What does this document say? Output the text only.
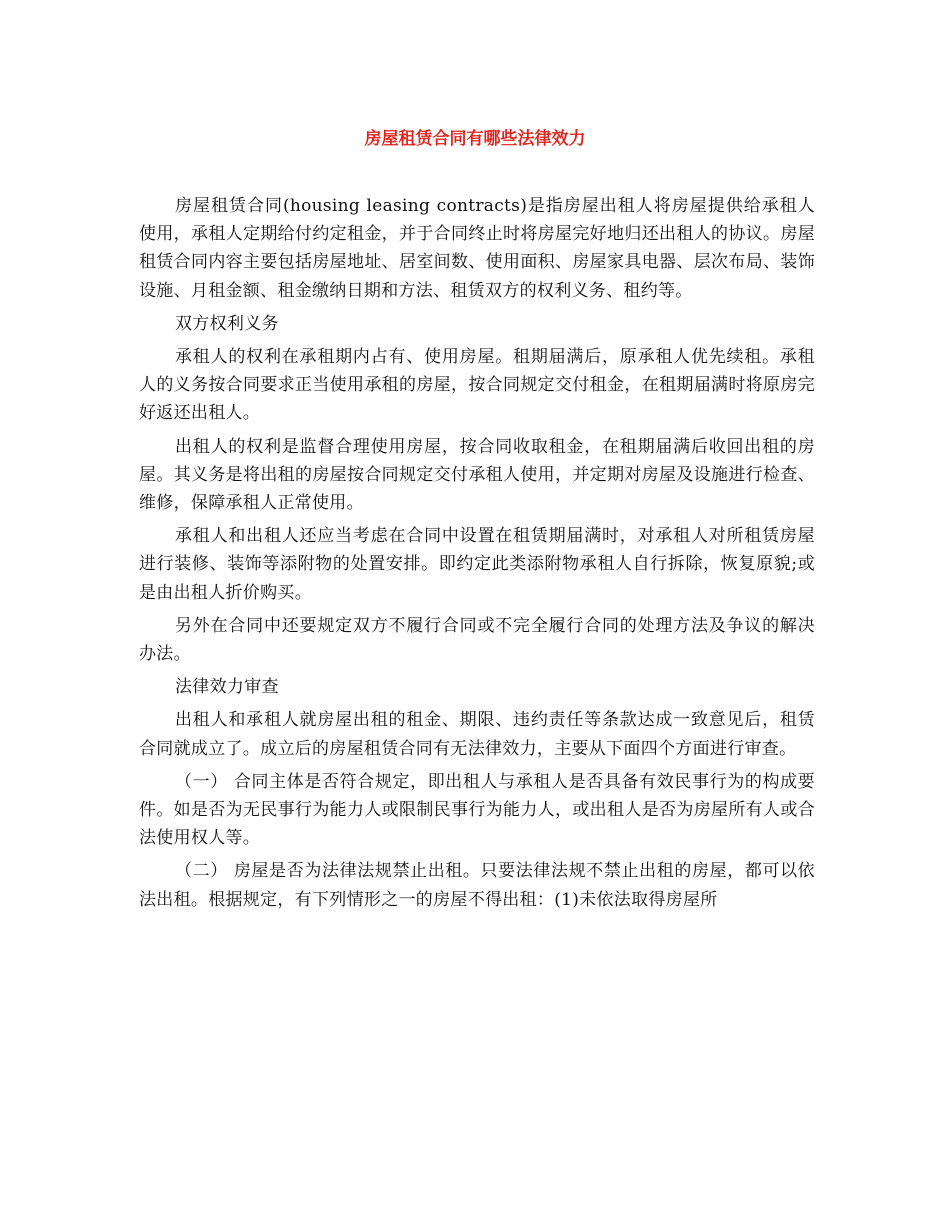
房屋租赁合同有哪些法律效力

房屋租赁合同(housing leasing contracts)是指房屋出租人将房屋提供给承租人使用，承租人定期给付约定租金，并于合同终止时将房屋完好地归还出租人的协议。房屋租赁合同内容主要包括房屋地址、居室间数、使用面积、房屋家具电器、层次布局、装饰设施、月租金额、租金缴纳日期和方法、租赁双方的权利义务、租约等。

双方权利义务

承租人的权利在承租期内占有、使用房屋。租期届满后，原承租人优先续租。承租人的义务按合同要求正当使用承租的房屋，按合同规定交付租金，在租期届满时将原房完好返还出租人。

出租人的权利是监督合理使用房屋，按合同收取租金，在租期届满后收回出租的房屋。其义务是将出租的房屋按合同规定交付承租人使用，并定期对房屋及设施进行检查、维修，保障承租人正常使用。

承租人和出租人还应当考虑在合同中设置在租赁期届满时，对承租人对所租赁房屋进行装修、装饰等添附物的处置安排。即约定此类添附物承租人自行拆除，恢复原貌;或是由出租人折价购买。

另外在合同中还要规定双方不履行合同或不完全履行合同的处理方法及争议的解决办法。

法律效力审查

出租人和承租人就房屋出租的租金、期限、违约责任等条款达成一致意见后，租赁合同就成立了。成立后的房屋租赁合同有无法律效力，主要从下面四个方面进行审查。

（一） 合同主体是否符合规定，即出租人与承租人是否具备有效民事行为的构成要件。如是否为无民事行为能力人或限制民事行为能力人，或出租人是否为房屋所有人或合法使用权人等。

（二） 房屋是否为法律法规禁止出租。只要法律法规不禁止出租的房屋，都可以依法出租。根据规定，有下列情形之一的房屋不得出租：(1)未依法取得房屋所
